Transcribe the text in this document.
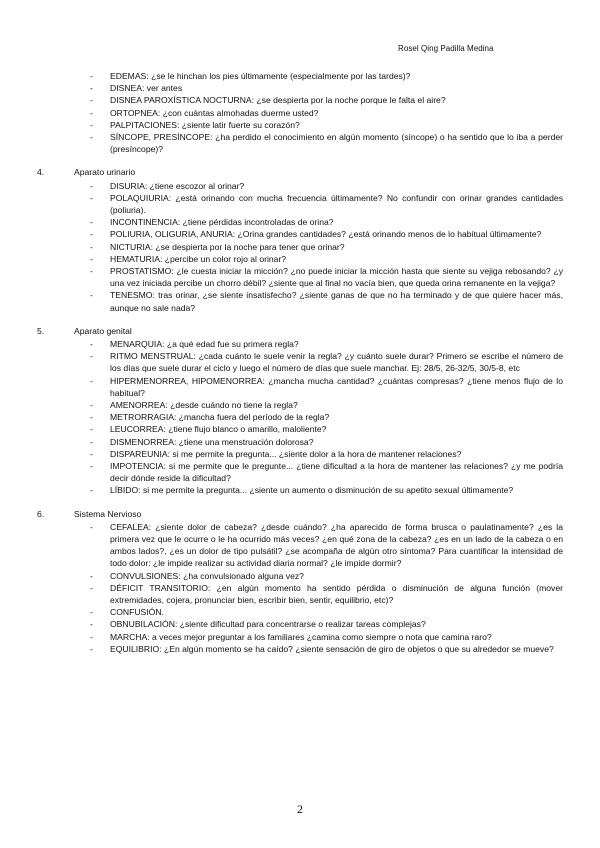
Rosel Qing Padilla Medina
- EDEMAS: ¿se le hinchan los pies últimamente (especialmente por las tardes)?
- DISNEA: ver antes
- DISNEA PAROXÍSTICA NOCTURNA: ¿se despierta por la noche porque le falta el aire?
- ORTOPNEA: ¿con cuántas almohadas duerme usted?
- PALPITACIONES: ¿siente latir fuerte su corazón?
- SÍNCOPE, PRESÍNCOPE: ¿ha perdido el conocimiento en algún momento (síncope) o ha sentido que lo iba a perder (presíncope)?
4.	Aparato urinario
- DISURIA: ¿tiene escozor al orinar?
- POLAQUIURIA: ¿está orinando con mucha frecuencia últimamente? No confundir con orinar grandes cantidades (poliuria).
- INCONTINENCIA: ¿tiene pérdidas incontroladas de orina?
- POLIURIA, OLIGURIA, ANURIA: ¿Orina grandes cantidades? ¿está orinando menos de lo habitual últimamente?
- NICTURIA: ¿se despierta por la noche para tener que orinar?
- HEMATURIA: ¿percibe un color rojo al orinar?
- PROSTATISMO: ¿le cuesta iniciar la micción? ¿no puede iniciar la micción hasta que siente su vejiga rebosando? ¿y una vez iniciada percibe un chorro débil? ¿siente que al final no vacía bien, que queda orina remanente en la vejiga?
- TENESMO: tras orinar, ¿se siente insatisfecho? ¿siente ganas de que no ha terminado y de que quiere hacer más, aunque no sale nada?
5.	Aparato genital
- MENARQUIA: ¿a qué edad fue su primera regla?
- RITMO MENSTRUAL: ¿cada cuánto le suele venir la regla? ¿y cuánto suele durar? Primero se escribe el número de los días que suele durar el ciclo y luego el número de días que suele manchar. Ej: 28/5, 26-32/5, 30/5-8, etc
- HIPERMENORREA, HIPOMENORREA: ¿mancha mucha cantidad? ¿cuántas compresas? ¿tiene menos flujo de lo habitual?
- AMENORREA: ¿desde cuándo no tiene la regla?
- METRORRAGIA: ¿mancha fuera del período de la regla?
- LEUCORREA: ¿tiene flujo blanco o amarillo, maloliente?
- DISMENORREA: ¿tiene una menstruación dolorosa?
- DISPAREUNIA: si me permite la pregunta... ¿siente dolor a la hora de mantener relaciones?
- IMPOTENCIA: si me permite que le pregunte... ¿tiene dificultad a la hora de mantener las relaciones? ¿y me podría decir dónde reside la dificultad?
- LÍBIDO: si me permite la pregunta... ¿siente un aumento o disminución de su apetito sexual últimamente?
6.	Sistema Nervioso
- CEFALEA: ¿siente dolor de cabeza? ¿desde cuándo? ¿ha aparecido de forma brusca o paulatinamente? ¿es la primera vez que le ocurre o le ha ocurrido más veces? ¿en qué zona de la cabeza? ¿es en un lado de la cabeza o en ambos lados?, ¿es un dolor de tipo pulsátil? ¿se acompaña de algún otro síntoma? Para cuantificar la intensidad de todo dolor: ¿le impide realizar su actividad diaria normal? ¿le impide dormir?
- CONVULSIONES: ¿ha convulsionado alguna vez?
- DÉFICIT TRANSITORIO: ¿en algún momento ha sentido pérdida o disminución de alguna función (mover extremidades, cojera, pronunciar bien, escribir bien, sentir, equilibrio, etc)?
- CONFUSIÓN.
- OBNUBILACIÓN: ¿siente dificultad para concentrarse o realizar tareas complejas?
- MARCHA: a veces mejor preguntar a los familiares ¿camina como siempre o nota que camina raro?
- EQUILIBRIO: ¿En algún momento se ha caído? ¿siente sensación de giro de objetos o que su alrededor se mueve?
2
